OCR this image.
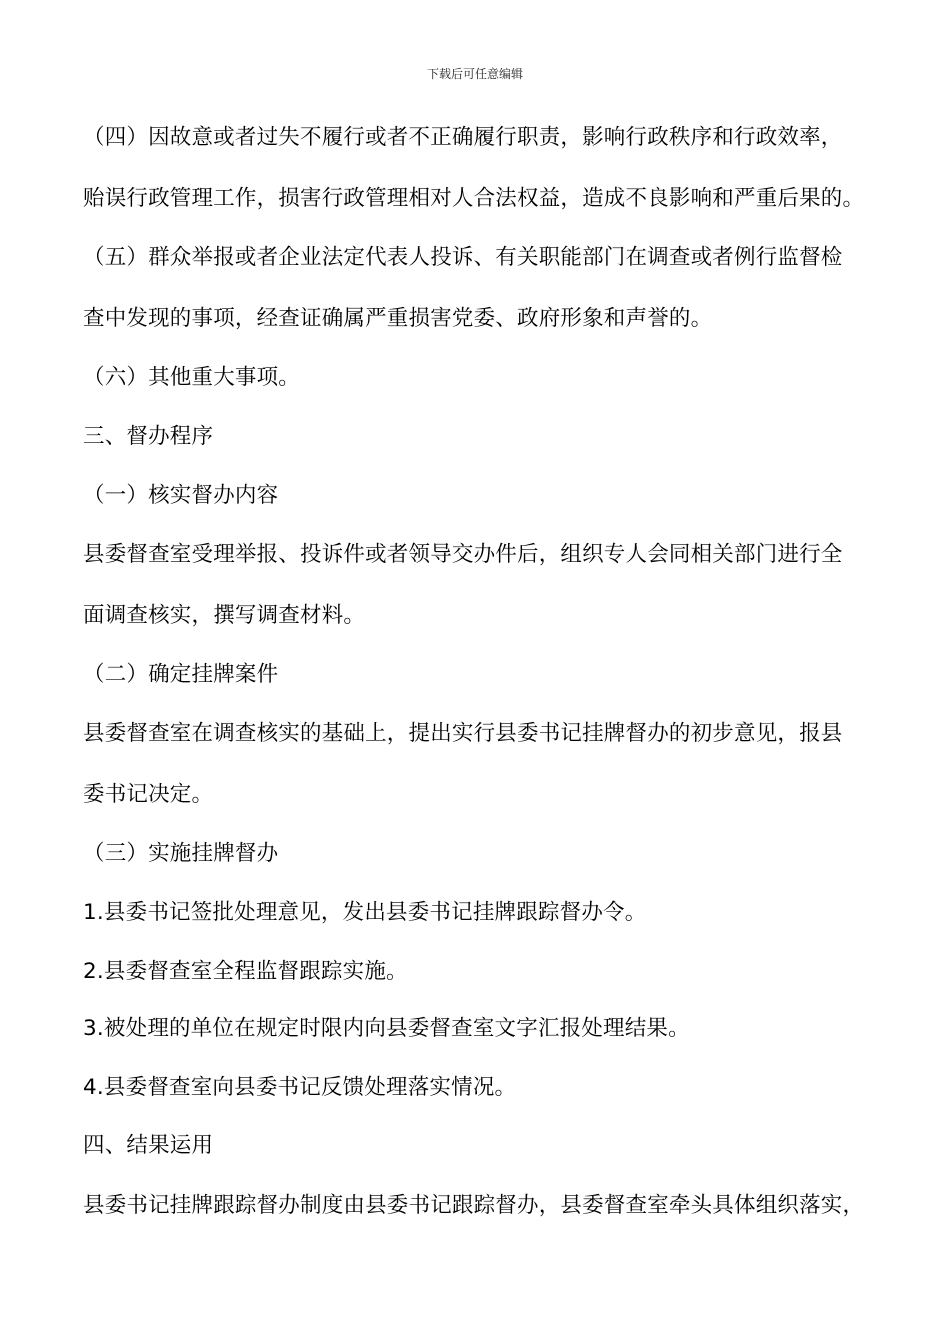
下载后可任意编辑
（四）因故意或者过失不履行或者不正确履行职责，影响行政秩序和行政效率，
贻误行政管理工作，损害行政管理相对人合法权益，造成不良影响和严重后果的。
（五）群众举报或者企业法定代表人投诉、有关职能部门在调查或者例行监督检
查中发现的事项，经查证确属严重损害党委、政府形象和声誉的。
（六）其他重大事项。
三、督办程序
（一）核实督办内容
县委督查室受理举报、投诉件或者领导交办件后，组织专人会同相关部门进行全
面调查核实，撰写调查材料。
（二）确定挂牌案件
县委督查室在调查核实的基础上，提出实行县委书记挂牌督办的初步意见，报县
委书记决定。
（三）实施挂牌督办
1.县委书记签批处理意见，发出县委书记挂牌跟踪督办令。
2.县委督查室全程监督跟踪实施。
3.被处理的单位在规定时限内向县委督查室文字汇报处理结果。
4.县委督查室向县委书记反馈处理落实情况。
四、结果运用
县委书记挂牌跟踪督办制度由县委书记跟踪督办，县委督查室牵头具体组织落实，
